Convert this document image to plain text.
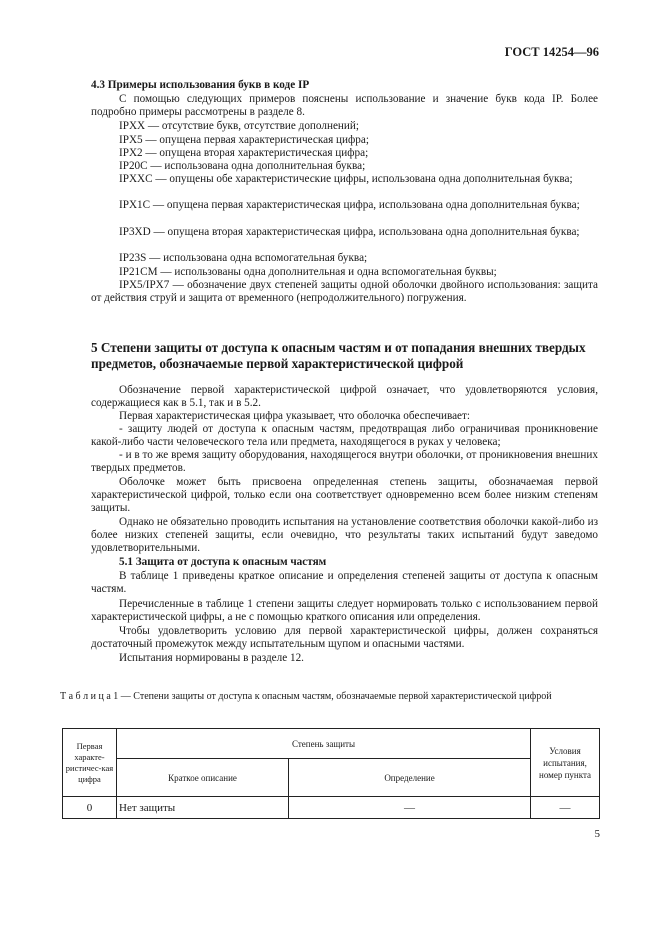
ГОСТ 14254—96
4.3 Примеры использования букв в коде IP
С помощью следующих примеров пояснены использование и значение букв кода IP. Более подробно примеры рассмотрены в разделе 8.
IPXX — отсутствие букв, отсутствие дополнений;
IPX5 — опущена первая характеристическая цифра;
IPX2 — опущена вторая характеристическая цифра;
IP20C — использована одна дополнительная буква;
IPXXC — опущены обе характеристические цифры, использована одна дополнительная буква;
IPX1C — опущена первая характеристическая цифра, использована одна дополнительная буква;
IP3XD — опущена вторая характеристическая цифра, использована одна дополнительная буква;
IP23S — использована одна вспомогательная буква;
IP21CM — использованы одна дополнительная и одна вспомогательная буквы;
IPX5/IPX7 — обозначение двух степеней защиты одной оболочки двойного использования: защита от действия струй и защита от временного (непродолжительного) погружения.
5 Степени защиты от доступа к опасным частям и от попадания внешних твердых предметов, обозначаемые первой характеристической цифрой
Обозначение первой характеристической цифрой означает, что удовлетворяются условия, содержащиеся как в 5.1, так и в 5.2.
Первая характеристическая цифра указывает, что оболочка обеспечивает:
- защиту людей от доступа к опасным частям, предотвращая либо ограничивая проникновение какой-либо части человеческого тела или предмета, находящегося в руках у человека;
- и в то же время защиту оборудования, находящегося внутри оболочки, от проникновения внешних твердых предметов.
Оболочке может быть присвоена определенная степень защиты, обозначаемая первой характеристической цифрой, только если она соответствует одновременно всем более низким степеням защиты.
Однако не обязательно проводить испытания на установление соответствия оболочки какой-либо из более низких степеней защиты, если очевидно, что результаты таких испытаний будут заведомо удовлетворительными.
5.1 Защита от доступа к опасным частям
В таблице 1 приведены краткое описание и определения степеней защиты от доступа к опасным частям.
Перечисленные в таблице 1 степени защиты следует нормировать только с использованием первой характеристической цифры, а не с помощью краткого описания или определения.
Чтобы удовлетворить условию для первой характеристической цифры, должен сохраняться достаточный промежуток между испытательным щупом и опасными частями.
Испытания нормированы в разделе 12.
Т а б л и ц а 1 — Степени защиты от доступа к опасным частям, обозначаемые первой характеристической цифрой
Первая характе-ристичес-кая цифра	Степень защиты		Условия испытания, номер пункта
	Краткое описание	Определение	
0	Нет защиты	—	—
5
